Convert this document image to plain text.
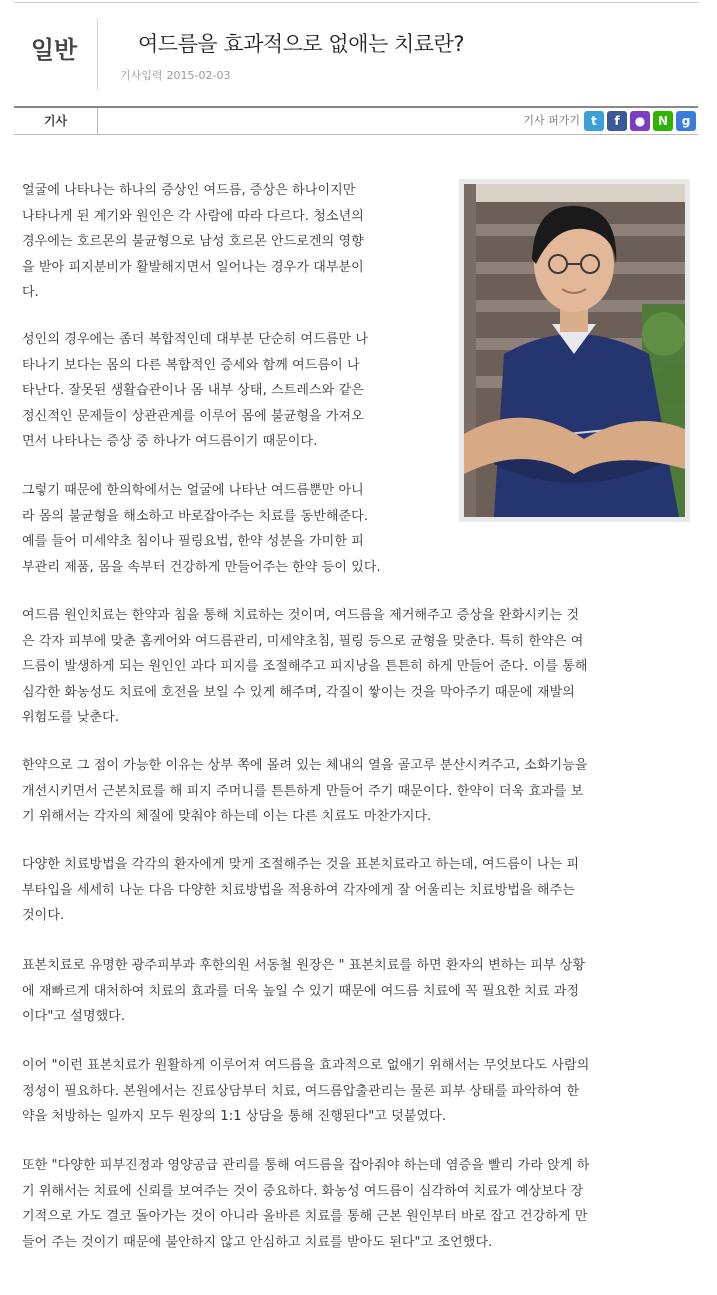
일반	여드름을 효과적으로 없애는 치료란?
기사입력 2015-02-03
기사	기사 퍼가기 t	f	●	N	g

얼굴에 나타나는 하나의 증상인 여드름, 증상은 하나이지만
나타나게 된 계기와 원인은 각 사람에 따라 다르다. 청소년의
경우에는 호르몬의 불균형으로 남성 호르몬 안드로겐의 영향
을 받아 피지분비가 활발해지면서 일어나는 경우가 대부분이
다.

성인의 경우에는 좀더 복합적인데 대부분 단순히 여드름만 나
타나기 보다는 몸의 다른 복합적인 증세와 함께 여드름이 나
타난다. 잘못된 생활습관이나 몸 내부 상태, 스트레스와 같은
정신적인 문제들이 상관관계를 이루어 몸에 불균형을 가져오
면서 나타나는 증상 중 하나가 여드름이기 때문이다.

그렇기 때문에 한의학에서는 얼굴에 나타난 여드름뿐만 아니
라 몸의 불균형을 해소하고 바로잡아주는 치료를 동반해준다.
예를 들어 미세약초 침이나 필링요법, 한약 성분을 가미한 피
부관리 제품, 몸을 속부터 건강하게 만들어주는 한약 등이 있다.

여드름 원인치료는 한약과 침을 통해 치료하는 것이며, 여드름을 제거해주고 증상을 완화시키는 것
은 각자 피부에 맞춘 홈케어와 여드름관리, 미세약초침, 필링 등으로 균형을 맞춘다. 특히 한약은 여
드름이 발생하게 되는 원인인 과다 피지를 조절해주고 피지낭을 튼튼히 하게 만들어 준다. 이를 통해
심각한 화농성도 치료에 호전을 보일 수 있게 해주며, 각질이 쌓이는 것을 막아주기 때문에 재발의
위험도를 낮춘다.

한약으로 그 점이 가능한 이유는 상부 쪽에 몰려 있는 체내의 열을 골고루 분산시켜주고, 소화기능을
개선시키면서 근본치료를 해 피지 주머니를 튼튼하게 만들어 주기 때문이다. 한약이 더욱 효과를 보
기 위해서는 각자의 체질에 맞춰야 하는데 이는 다른 치료도 마찬가지다.

다양한 치료방법을 각각의 환자에게 맞게 조절해주는 것을 표본치료라고 하는데, 여드름이 나는 피
부타입을 세세히 나눈 다음 다양한 치료방법을 적용하여 각자에게 잘 어울리는 치료방법을 해주는
것이다.

표본치료로 유명한 광주피부과 후한의원 서동철 원장은 " 표본치료를 하면 환자의 변하는 피부 상황
에 재빠르게 대처하여 치료의 효과를 더욱 높일 수 있기 때문에 여드름 치료에 꼭 필요한 치료 과정
이다"고 설명했다.

이어 "이런 표본치료가 원활하게 이루어져 여드름을 효과적으로 없애기 위해서는 무엇보다도 사람의
정성이 필요하다. 본원에서는 진료상담부터 치료, 여드름압출관리는 물론 피부 상태를 파악하여 한
약을 처방하는 일까지 모두 원장의 1:1 상담을 통해 진행된다"고 덧붙였다.

또한 "다양한 피부진정과 영양공급 관리를 통해 여드름을 잡아줘야 하는데 염증을 빨리 가라 앉게 하
기 위해서는 치료에 신뢰를 보여주는 것이 중요하다. 화농성 여드름이 심각하여 치료가 예상보다 장
기적으로 가도 결코 돌아가는 것이 아니라 올바른 치료를 통해 근본 원인부터 바로 잡고 건강하게 만
들어 주는 것이기 때문에 불안하지 않고 안심하고 치료를 받아도 된다"고 조언했다.
